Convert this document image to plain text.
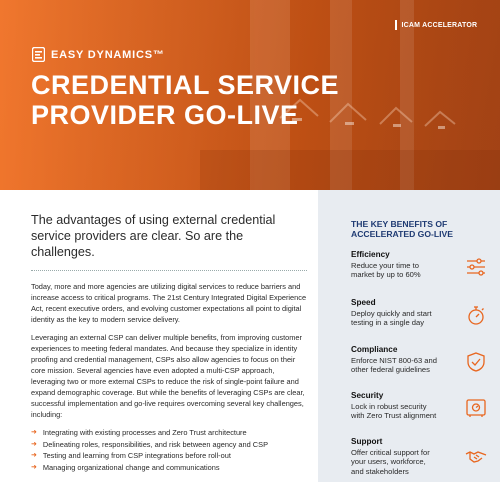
ICAM ACCELERATOR
EASY DYNAMICS™
CREDENTIAL SERVICE
PROVIDER GO-LIVE

The advantages of using external credential service providers are clear. So are the challenges.

Today, more and more agencies are utilizing digital services to reduce barriers and increase access to critical programs. The 21st Century Integrated Digital Experience Act, recent executive orders, and evolving customer expectations all point to digital identity as the key to modern service delivery.

Leveraging an external CSP can deliver multiple benefits, from improving customer experiences to meeting federal mandates. And because they specialize in identity proofing and credential management, CSPs also allow agencies to focus on their core mission. Several agencies have even adopted a multi-CSP approach, leveraging two or more external CSPs to reduce the risk of single-point failure and expand demographic coverage. But while the benefits of leveraging CSPs are clear, successful implementation and go-live requires overcoming several key challenges, including:

➜ Integrating with existing processes and Zero Trust architecture
➜ Delineating roles, responsibilities, and risk between agency and CSP
➜ Testing and learning from CSP integrations before roll-out
➜ Managing organizational change and communications
THE KEY BENEFITS OF ACCELERATED GO-LIVE

Efficiency

Reduce your time to market by up to 60%

Speed

Deploy quickly and start testing in a single day

Compliance

Enforce NIST 800-63 and other federal guidelines

Security

Lock in robust security with Zero Trust alignment

Support

Offer critical support for your users, workforce, and stakeholders
